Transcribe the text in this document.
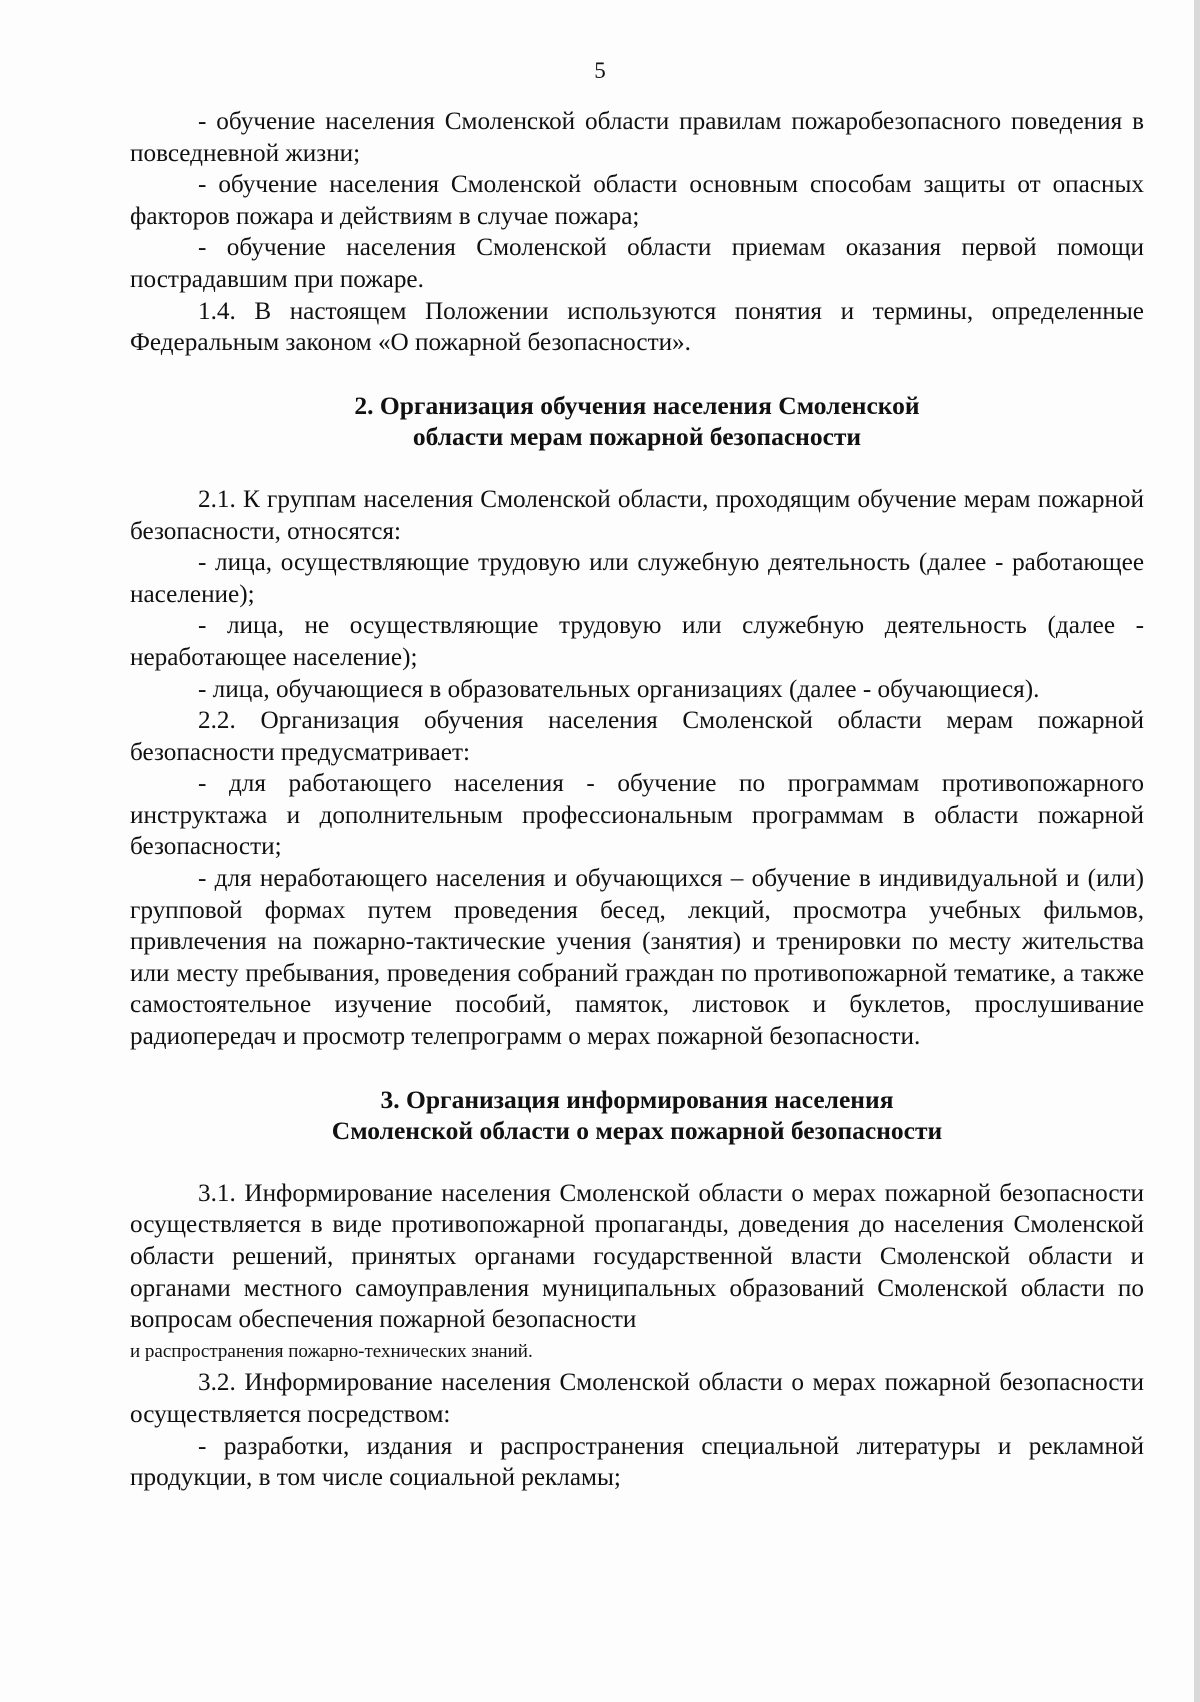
5

- обучение населения Смоленской области правилам пожаробезопасного поведения в повседневной жизни;

- обучение населения Смоленской области основным способам защиты от опасных факторов пожара и действиям в случае пожара;

- обучение населения Смоленской области приемам оказания первой помощи пострадавшим при пожаре.

1.4. В настоящем Положении используются понятия и термины, определенные Федеральным законом «О пожарной безопасности».

2. Организация обучения населения Смоленской
области мерам пожарной безопасности

2.1. К группам населения Смоленской области, проходящим обучение мерам пожарной безопасности, относятся:

- лица, осуществляющие трудовую или служебную деятельность (далее - работающее население);

- лица, не осуществляющие трудовую или служебную деятельность (далее - неработающее население);

- лица, обучающиеся в образовательных организациях (далее - обучающиеся).

2.2. Организация обучения населения Смоленской области мерам пожарной безопасности предусматривает:

- для работающего населения - обучение по программам противопожарного инструктажа и дополнительным профессиональным программам в области пожарной безопасности;

- для неработающего населения и обучающихся – обучение в индивидуальной и (или) групповой формах путем проведения бесед, лекций, просмотра учебных фильмов, привлечения на пожарно-тактические учения (занятия) и тренировки по месту жительства или месту пребывания, проведения собраний граждан по противопожарной тематике, а также самостоятельное изучение пособий, памяток, листовок и буклетов, прослушивание радиопередач и просмотр телепрограмм о мерах пожарной безопасности.

3. Организация информирования населения
Смоленской области о мерах пожарной безопасности

3.1. Информирование населения Смоленской области о мерах пожарной безопасности осуществляется в виде противопожарной пропаганды, доведения до населения Смоленской области решений, принятых органами государственной власти Смоленской области и органами местного самоуправления муниципальных образований Смоленской области по вопросам обеспечения пожарной безопасности

и распространения пожарно-технических знаний.

3.2. Информирование населения Смоленской области о мерах пожарной безопасности осуществляется посредством:

- разработки, издания и распространения специальной литературы и рекламной продукции, в том числе социальной рекламы;
